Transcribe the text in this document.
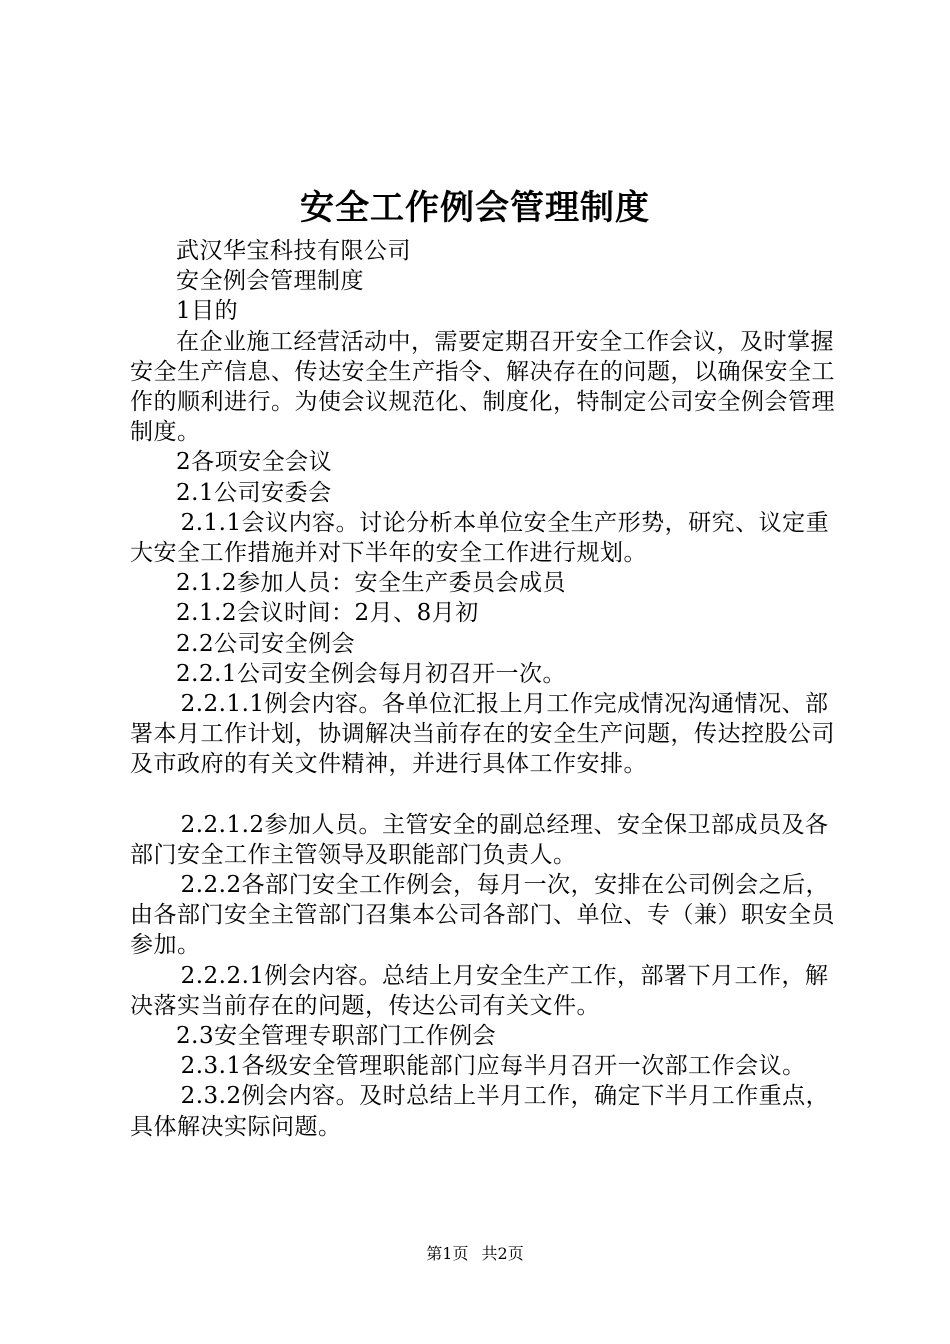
安全工作例会管理制度

武汉华宝科技有限公司

安全例会管理制度

1目的

在企业施工经营活动中，需要定期召开安全工作会议，及时掌握安全生产信息、传达安全生产指令、解决存在的问题，以确保安全工作的顺利进行。为使会议规范化、制度化，特制定公司安全例会管理制度。

2各项安全会议

2.1公司安委会

2.1.1会议内容。讨论分析本单位安全生产形势，研究、议定重大安全工作措施并对下半年的安全工作进行规划。

2.1.2参加人员：安全生产委员会成员

2.1.2会议时间：2月、8月初

2.2公司安全例会

2.2.1公司安全例会每月初召开一次。

2.2.1.1例会内容。各单位汇报上月工作完成情况沟通情况、部署本月工作计划，协调解决当前存在的安全生产问题，传达控股公司及市政府的有关文件精神，并进行具体工作安排。

2.2.1.2参加人员。主管安全的副总经理、安全保卫部成员及各部门安全工作主管领导及职能部门负责人。

2.2.2各部门安全工作例会，每月一次，安排在公司例会之后，由各部门安全主管部门召集本公司各部门、单位、专（兼）职安全员参加。

2.2.2.1例会内容。总结上月安全生产工作，部署下月工作，解决落实当前存在的问题，传达公司有关文件。

2.3安全管理专职部门工作例会

2.3.1各级安全管理职能部门应每半月召开一次部工作会议。

2.3.2例会内容。及时总结上半月工作，确定下半月工作重点，具体解决实际问题。

第1页 共2页
